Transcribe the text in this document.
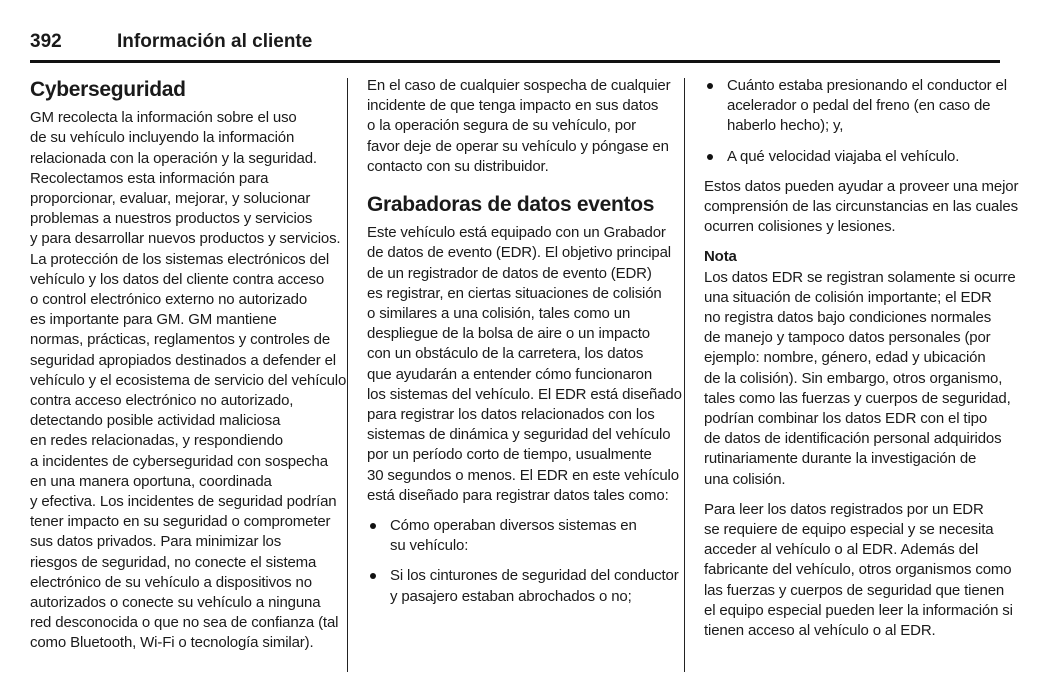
392	Información al cliente
Cyberseguridad

GM recolecta la información sobre el uso

de su vehículo incluyendo la información

relacionada con la operación y la seguridad.

Recolectamos esta información para

proporcionar, evaluar, mejorar, y solucionar

problemas a nuestros productos y servicios

y para desarrollar nuevos productos y servicios.

La protección de los sistemas electrónicos del

vehículo y los datos del cliente contra acceso

o control electrónico externo no autorizado

es importante para GM. GM mantiene

normas, prácticas, reglamentos y controles de

seguridad apropiados destinados a defender el

vehículo y el ecosistema de servicio del vehículo

contra acceso electrónico no autorizado,

detectando posible actividad maliciosa

en redes relacionadas, y respondiendo

a incidentes de cyberseguridad con sospecha

en una manera oportuna, coordinada

y efectiva. Los incidentes de seguridad podrían

tener impacto en su seguridad o comprometer

sus datos privados. Para minimizar los

riesgos de seguridad, no conecte el sistema

electrónico de su vehículo a dispositivos no

autorizados o conecte su vehículo a ninguna

red desconocida o que no sea de confianza (tal

como Bluetooth, Wi-Fi o tecnología similar).

En el caso de cualquier sospecha de cualquier

incidente de que tenga impacto en sus datos

o la operación segura de su vehículo, por

favor deje de operar su vehículo y póngase en

contacto con su distribuidor.

Grabadoras de datos eventos

Este vehículo está equipado con un Grabador

de datos de evento (EDR). El objetivo principal

de un registrador de datos de evento (EDR)

es registrar, en ciertas situaciones de colisión

o similares a una colisión, tales como un

despliegue de la bolsa de aire o un impacto

con un obstáculo de la carretera, los datos

que ayudarán a entender cómo funcionaron

los sistemas del vehículo. El EDR está diseñado

para registrar los datos relacionados con los

sistemas de dinámica y seguridad del vehículo

por un período corto de tiempo, usualmente

30 segundos o menos. El EDR en este vehículo

está diseñado para registrar datos tales como:

Cómo operaban diversos sistemas en

su vehículo:

Si los cinturones de seguridad del conductor

y pasajero estaban abrochados o no;

Cuánto estaba presionando el conductor el

acelerador o pedal del freno (en caso de

haberlo hecho); y,

A qué velocidad viajaba el vehículo.

Estos datos pueden ayudar a proveer una mejor

comprensión de las circunstancias en las cuales

ocurren colisiones y lesiones.

Nota

Los datos EDR se registran solamente si ocurre

una situación de colisión importante; el EDR

no registra datos bajo condiciones normales

de manejo y tampoco datos personales (por

ejemplo: nombre, género, edad y ubicación

de la colisión). Sin embargo, otros organismo,

tales como las fuerzas y cuerpos de seguridad,

podrían combinar los datos EDR con el tipo

de datos de identificación personal adquiridos

rutinariamente durante la investigación de

una colisión.

Para leer los datos registrados por un EDR

se requiere de equipo especial y se necesita

acceder al vehículo o al EDR. Además del

fabricante del vehículo, otros organismos como

las fuerzas y cuerpos de seguridad que tienen

el equipo especial pueden leer la información si

tienen acceso al vehículo o al EDR.
